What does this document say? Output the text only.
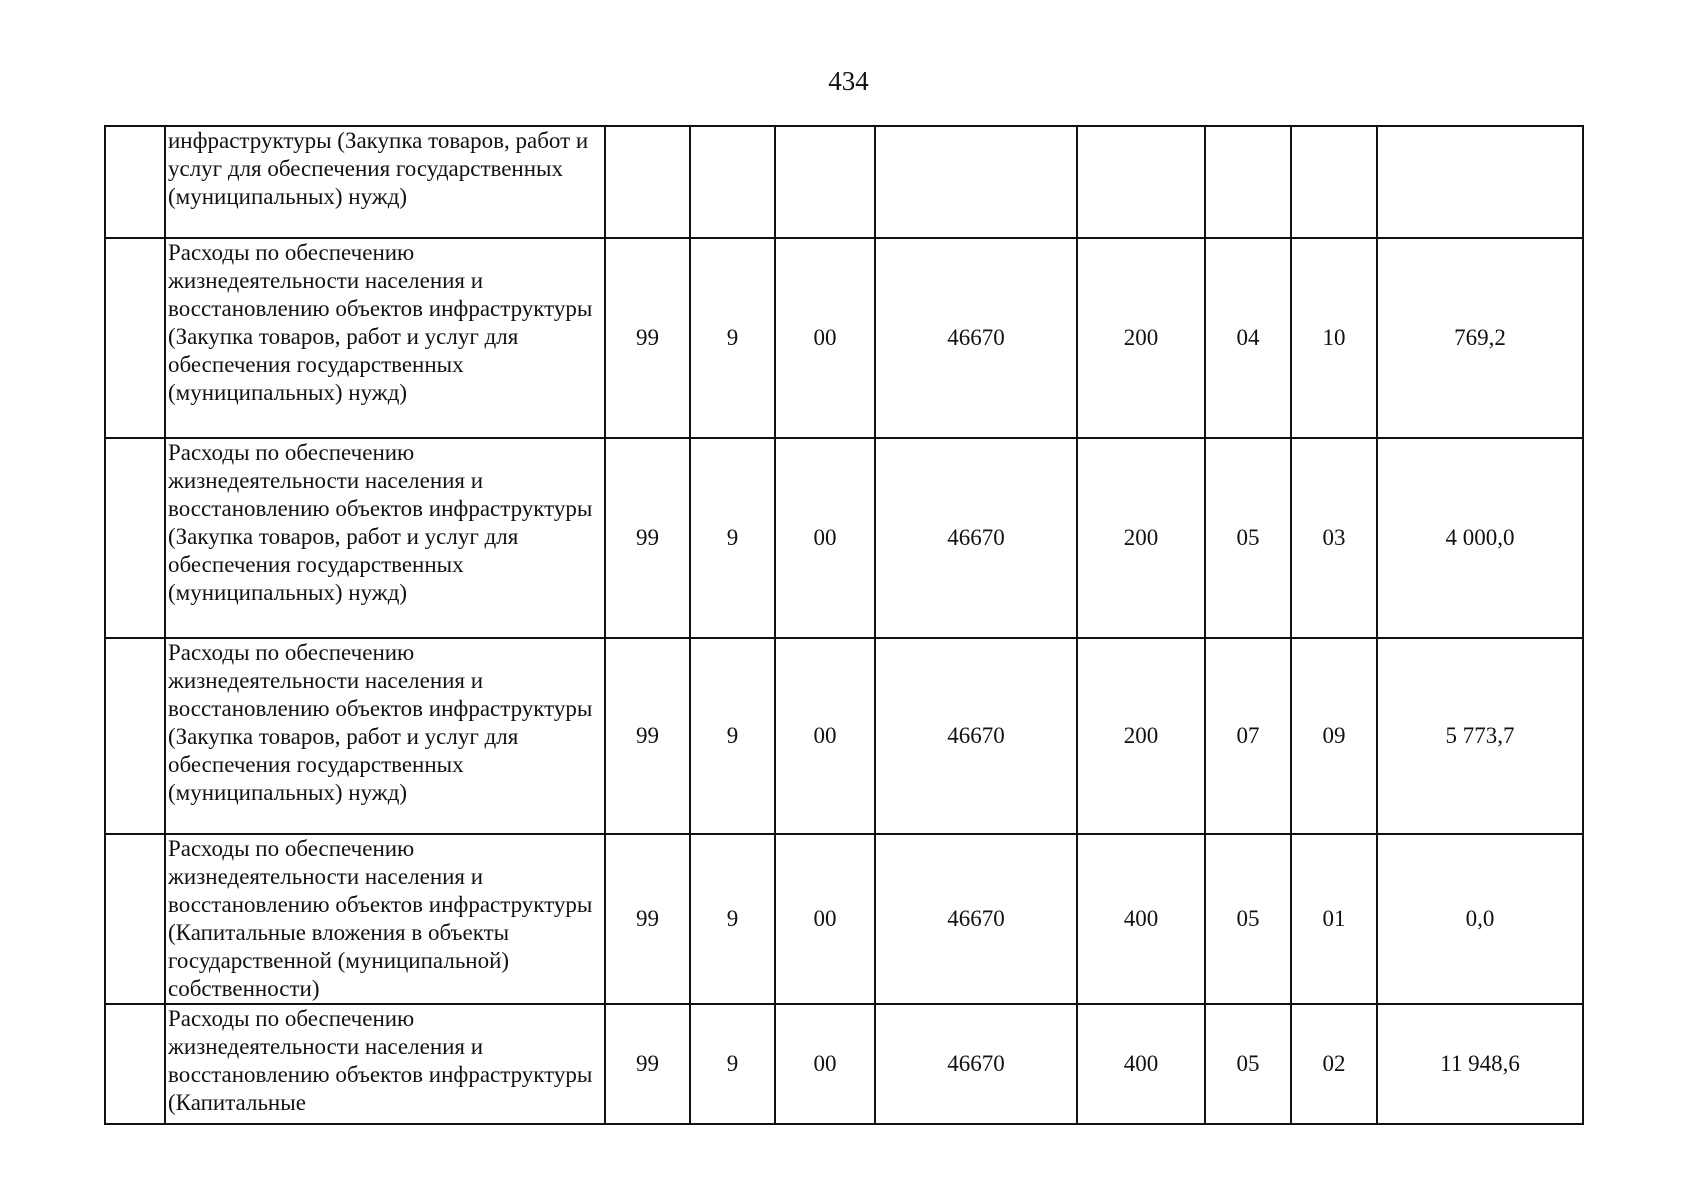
434

	инфраструктуры (Закупка товаров, работ и услуг для обеспечения государственных (муниципальных) нужд)								

	Расходы по обеспечению жизнедеятельности населения и восстановлению объектов инфраструктуры (Закупка товаров, работ и услуг для обеспечения государственных (муниципальных) нужд)	99	9	00	46670	200	04	10	769,2

	Расходы по обеспечению жизнедеятельности населения и восстановлению объектов инфраструктуры (Закупка товаров, работ и услуг для обеспечения государственных (муниципальных) нужд)	99	9	00	46670	200	05	03	4 000,0

	Расходы по обеспечению жизнедеятельности населения и восстановлению объектов инфраструктуры (Закупка товаров, работ и услуг для обеспечения государственных (муниципальных) нужд)	99	9	00	46670	200	07	09	5 773,7

	Расходы по обеспечению жизнедеятельности населения и восстановлению объектов инфраструктуры (Капитальные вложения в объекты государственной (муниципальной) собственности)	99	9	00	46670	400	05	01	0,0

	Расходы по обеспечению жизнедеятельности населения и восстановлению объектов инфраструктуры (Капитальные	99	9	00	46670	400	05	02	11 948,6
